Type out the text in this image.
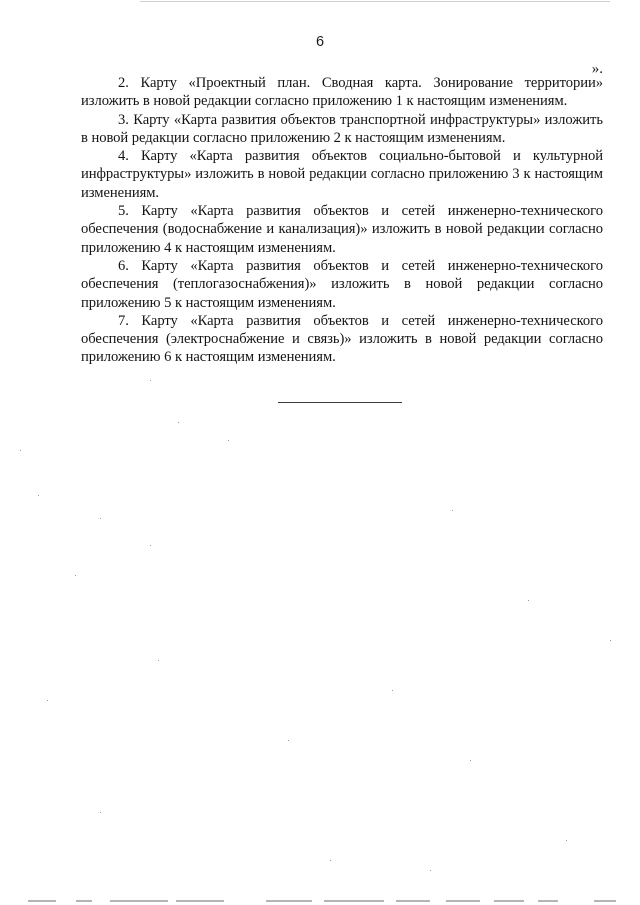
6
».

2. Карту «Проектный план. Сводная карта. Зонирование территории» изложить в новой редакции согласно приложению 1 к настоящим изменениям.

3. Карту «Карта развития объектов транспортной инфраструктуры» изложить в новой редакции согласно приложению 2 к настоящим изменениям.

4. Карту «Карта развития объектов социально-бытовой и культурной инфраструктуры» изложить в новой редакции согласно приложению 3 к настоящим изменениям.

5. Карту «Карта развития объектов и сетей инженерно-технического обеспечения (водоснабжение и канализация)» изложить в новой редакции согласно приложению 4 к настоящим изменениям.

6. Карту «Карта развития объектов и сетей инженерно-технического обеспечения (теплогазоснабжения)» изложить в новой редакции согласно приложению 5 к настоящим изменениям.

7. Карту «Карта развития объектов и сетей инженерно-технического обеспечения (электроснабжение и связь)» изложить в новой редакции согласно приложению 6 к настоящим изменениям.
